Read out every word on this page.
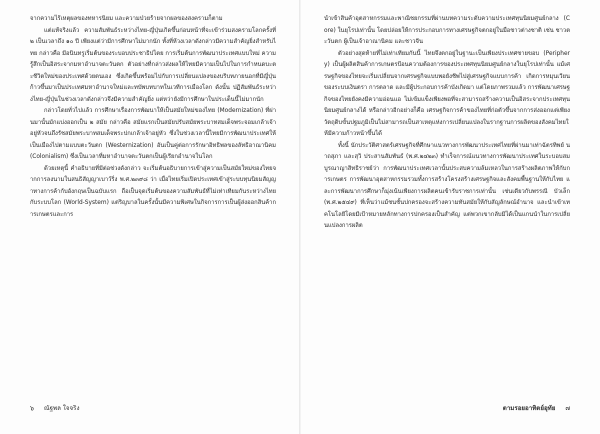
จากความไร้เหตุผลของทหารนิยม และความป่วยร้ายจากผลของสงครามก็ตาม

แต่แท้จริงแล้ว ความสัมพันธ์ระหว่างไทย-ญี่ปุ่นเกิดขึ้นก่อนหน้าที่จะเข้าร่วมสงครามโลกครั้งที่ ๒ เป็นเวลาถึง ๑๐ ปี เพียงแต่ว่ามีการศึกษาไม่มากนัก ทั้งที่ห้วงเวลาดังกล่าวมีความสำคัญยิ่งสำหรับไทย กล่าวคือ มีอนินทรูเริ่มต้นของระบอบประชาธิปไตย การเริ่มต้นการพัฒนาประเทศแบบใหม่ ความรู้สึกเป็นอิสระจากมหาอำนาจตะวันตก ตัวอย่างที่กล่าวส่งผลให้ไทยมีความเป็นไปในการกำหนดบะตะชีวิตใหม่ของประเทศด้วยตนเอง ซึ่งเกิดขึ้นพร้อมไปกับการเปลี่ยนแปลงของบริบทภายนอกที่มีญี่ปุ่นก้าวขึ้นมาเป็นประเทศมหาอำนาจใหม่และทบัพบทบาทในเวทีการเมืองโลก ดังนั้น ปฏิสัมพันธ์ระหว่างไทย-ญี่ปุ่นในช่วงเวลาดังกล่าวจึงมีความสำคัญยิ่ง แต่หว่ายังมีการศึกษาในประเด็นนี้ไม่มากนัก

กล่าวโดยทั่วไปแล้ว การศึกษาเรื่องการพัฒนาให้เป็นสมัยใหม่ของไทย (Modernization) ที่ผ่านมานั้นมักแบ่งออกเป็น ๒ สมัย กล่าวคือ สมัยแรกเป็นสมัยปรับสมัยพระบาทสมเด็จพระจอมเกล้าเจ้าอยู่หัวจนถึงรัชสมัยพระบาทสมเด็จพระปกเกล้าเจ้าอยู่หัว ซึ่งในช่วงเวลานี้ไทยมีการพัฒนาประเทศให้เป็นเมืองไปตามแบบตะวันตก (Westernization) อันเป็นคู่ต่อการรักษาอิทธิพลของลัทธิอาณานิคม (Colonialism) ซึ่งเป็นเวลาที่มหาอำนาจตะวันตกเป็นผู้เรียกอำนาจในโลก

ด้วยเหตุนี้ คำอธิบายที่มีต่อช่วงดังกล่าว จะเริ่มต้นอธิบายการเข้าสู่ความเป็นสมัยใหม่ของไทยจากการลงนามในสนธิสัญญาเบาว์ริ่ง พ.ศ.๒๓๙๘ ว่า เมื่อไทยเริ่มเปิดประเทศเข้าสู่ระบบทุนนิยมสัญญาทางการค้ากับอังกฤษเป็นฉบับแรก ถือเป็นจุดเริ่มต้นของความสัมพันธ์ที่ไม่เท่าเทียมกันระหว่างไทยกับระบบโลก (World-System) แต่ริญบาลในครั้งนั้นมีความพิเศษในกิจการการเป็นผู้ส่งออกสินค้าการเกษตรและการ

นำเข้าสินค้าอุตสาหกรรมและพาณิชยกรรมที่ผ่านบทความระดับความประเทศทุนนิยมศูนย์กลาง (Core) ในยุโรปเท่านั้น โดยปล่อยให้การประกอบการทางเศรษฐกิจตกอยู่ในมือชาวต่างชาติ เช่น ชาวตะวันตก ผู้เป็นเจ้าอาณานิคม และชาวจีน

ตัวอย่างสุดท้ายที่ไม่เท่าเทียมกันนี้ ไทยจึงตกอยู่ในฐานะเป็นเพียงประเทศชายขอบ (Periphery) เป็นผู้ผลิตสินค้าการเกษตรป้อนความต้องการของประเทศทุนนิยมศูนย์กลางในยุโรปเท่านั้น แม้เศรษฐกิจของไทยจะเริ่มเปลี่ยนจากเศรษฐกิจแบบพอยังชีพไปสู่เศรษฐกิจแบบการค้า เกิดการหมุนเวียนของระบบเงินตรา การตลาด และมีผู้ประกอบการค้าบังเกิดมา แต่โดยภาพรวมแล้ว การพัฒนาเศรษฐกิจของไทยยังคงมีความอ่อนแอ ไม่เข้มแข็งเพียงพอที่จะสามารถสร้างความเป็นอิสระจากประเทศทุนนิยมศูนย์กลางได้ หรือกล่าวอีกอย่างก็คือ เศรษฐกิจการค้าของไทยที่ก่อตัวขึ้นจากการส่งออกแต่เพียงวัตถุดิบขั้นปฐมภูมิเป็นไม่สามารถเป็นสาเหตุแห่งการเปลี่ยนแปลงในรากฐานการผลิตของสังคมไทยให้มีความก้าวหน้าขึ้นได้

ทั้งนี้ นักประวัติศาสตร์เศรษฐกิจที่ศึกษาแนวทางการพัฒนาประเทศไทยที่ผ่านมาเท่าฉัตรทิพย์ นาถสุภา และสุวิ ประสานสัมพันธ์ (พ.ศ.๒๔๒๓) ทำเร็จการณ์แนวทางการพัฒนาประเทศในระบอบสมบูรณาญาสิทธิราชย์ว่า การพัฒนาประเทศเวลานั้นประสบความล้มเหลวในการสร้างผลิตภาพให้กับการเกษตร การพัฒนาอุตสาหกรรมรวมทั้งการสร้างโครงสร้างเศรษฐกิจและสังคมพื้นฐานให้กับไทย และการพัฒนาการศึกษาก็มุ่งเน้นเพียงการผลิตคนเข้ารับราชการเท่านั้น เช่นเดียวกับพรรณี บัวเล็ก (พ.ศ.๒๕๔๙) ที่เห็นว่าแม้ชนชั้นปกครองจะสร้างความทันสมัยให้กับสัญลักษณ์อำนาจ และนำเข้าเทคโนโลยีโดยมีเป้าหมายหลักทางการปกครองเป็นสำคัญ แต่พวกเขากลับมิได้เป็นแกนนำในการเปลี่ยนแปลงการผลิต

๖ ณัฐพล ใจจริง	ตามรอยอาทิตย์อุทัย ๗
